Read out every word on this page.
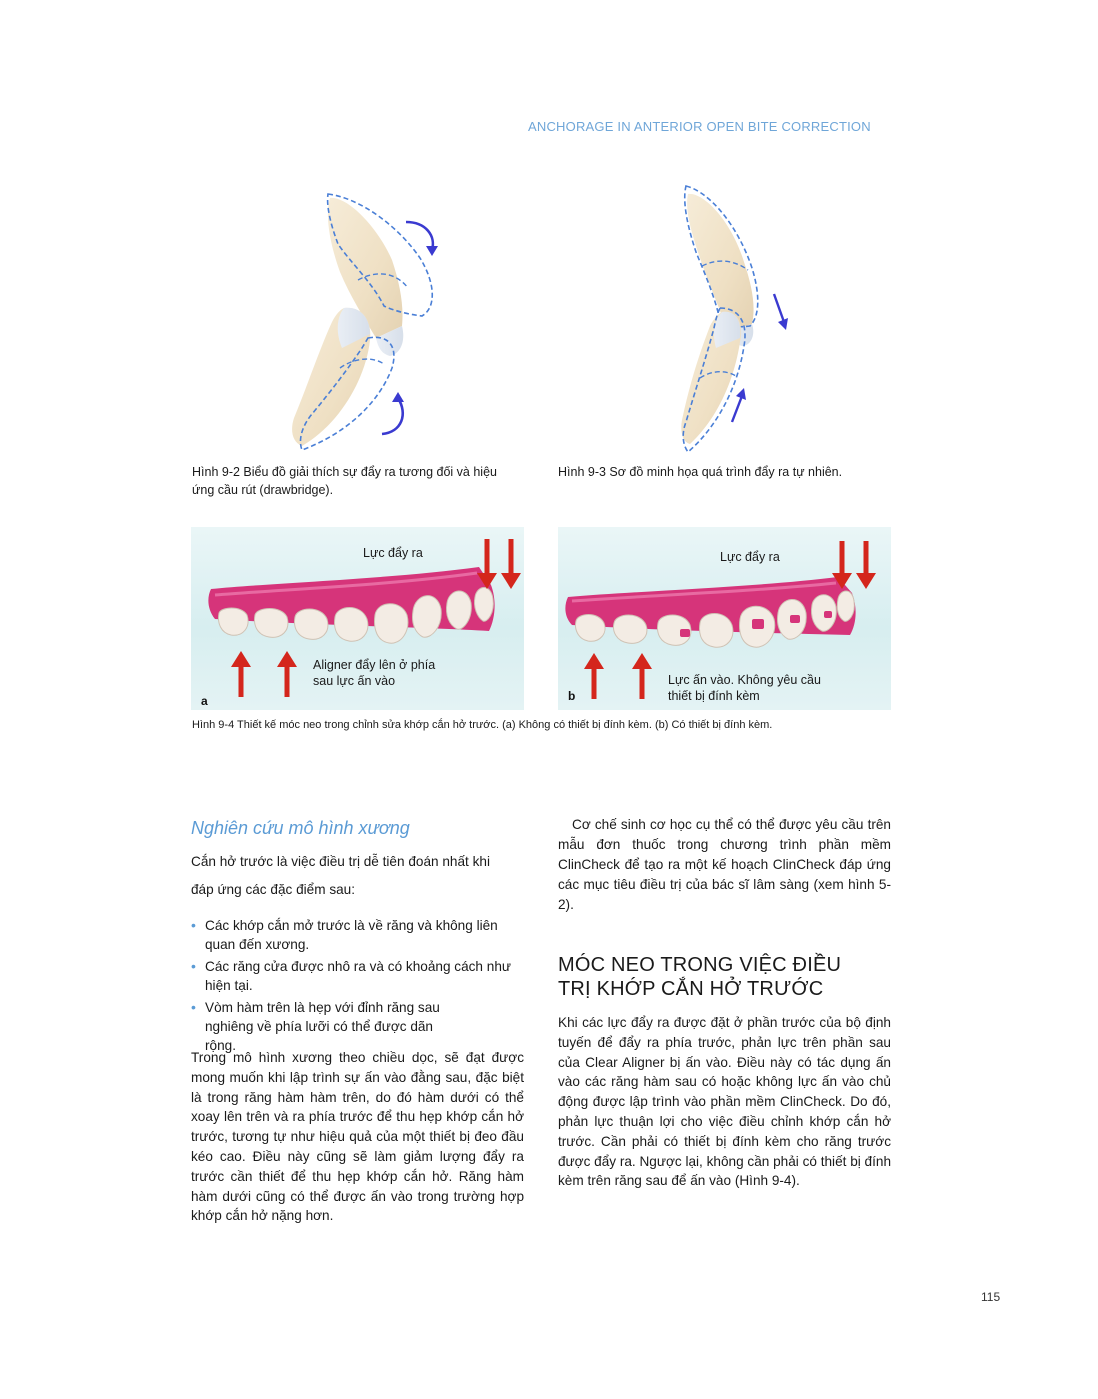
ANCHORAGE IN ANTERIOR OPEN BITE CORRECTION
Hình 9-2 Biểu đồ giải thích sự đẩy ra tương đối và hiệu ứng cầu rút (drawbridge).
Hình 9-3 Sơ đồ minh họa quá trình đẩy ra tự nhiên.
Lực đẩy ra
Aligner đẩy lên ở phía sau lực ấn vào
a
Lực đẩy ra
Lực ấn vào. Không yêu cầu thiết bị đính kèm
b
Hình 9-4 Thiết kế móc neo trong chỉnh sửa khớp cắn hở trước. (a) Không có thiết bị đính kèm. (b) Có thiết bị đính kèm.
Nghiên cứu mô hình xương
Cắn hở trước là việc điều trị dễ tiên đoán nhất khi đáp ứng các đặc điểm sau:
• Các khớp cắn mở trước là về răng và không liên quan đến xương.
• Các răng cửa được nhô ra và có khoảng cách như hiện tại.
• Vòm hàm trên là hẹp với đỉnh răng sau nghiêng về phía lưỡi có thể được dãn rộng.
Trong mô hình xương theo chiều dọc, sẽ đạt được mong muốn khi lập trình sự ấn vào đằng sau, đặc biệt là trong răng hàm hàm trên, do đó hàm dưới có thể xoay lên trên và ra phía trước để thu hẹp khớp cắn hở trước, tương tự như hiệu quả của một thiết bị đeo đầu kéo cao. Điều này cũng sẽ làm giảm lượng đẩy ra trước cần thiết để thu hẹp khớp cắn hở. Răng hàm hàm dưới cũng có thể được ấn vào trong trường hợp khớp cắn hở nặng hơn.
Cơ chế sinh cơ học cụ thể có thể được yêu cầu trên mẫu đơn thuốc trong chương trình phần mềm ClinCheck để tạo ra một kế hoạch ClinCheck đáp ứng các mục tiêu điều trị của bác sĩ lâm sàng (xem hình 5-2).
MÓC NEO TRONG VIỆC ĐIỀU TRỊ KHỚP CẮN HỞ TRƯỚC
Khi các lực đẩy ra được đặt ở phần trước của bộ định tuyến để đẩy ra phía trước, phản lực trên phần sau của Clear Aligner bị ấn vào. Điều này có tác dụng ấn vào các răng hàm sau có hoặc không lực ấn vào chủ động được lập trình vào phần mềm ClinCheck. Do đó, phản lực thuận lợi cho việc điều chỉnh khớp cắn hở trước. Cần phải có thiết bị đính kèm cho răng trước được đẩy ra. Ngược lại, không cần phải có thiết bị đính kèm trên răng sau để ấn vào (Hình 9-4).
115
